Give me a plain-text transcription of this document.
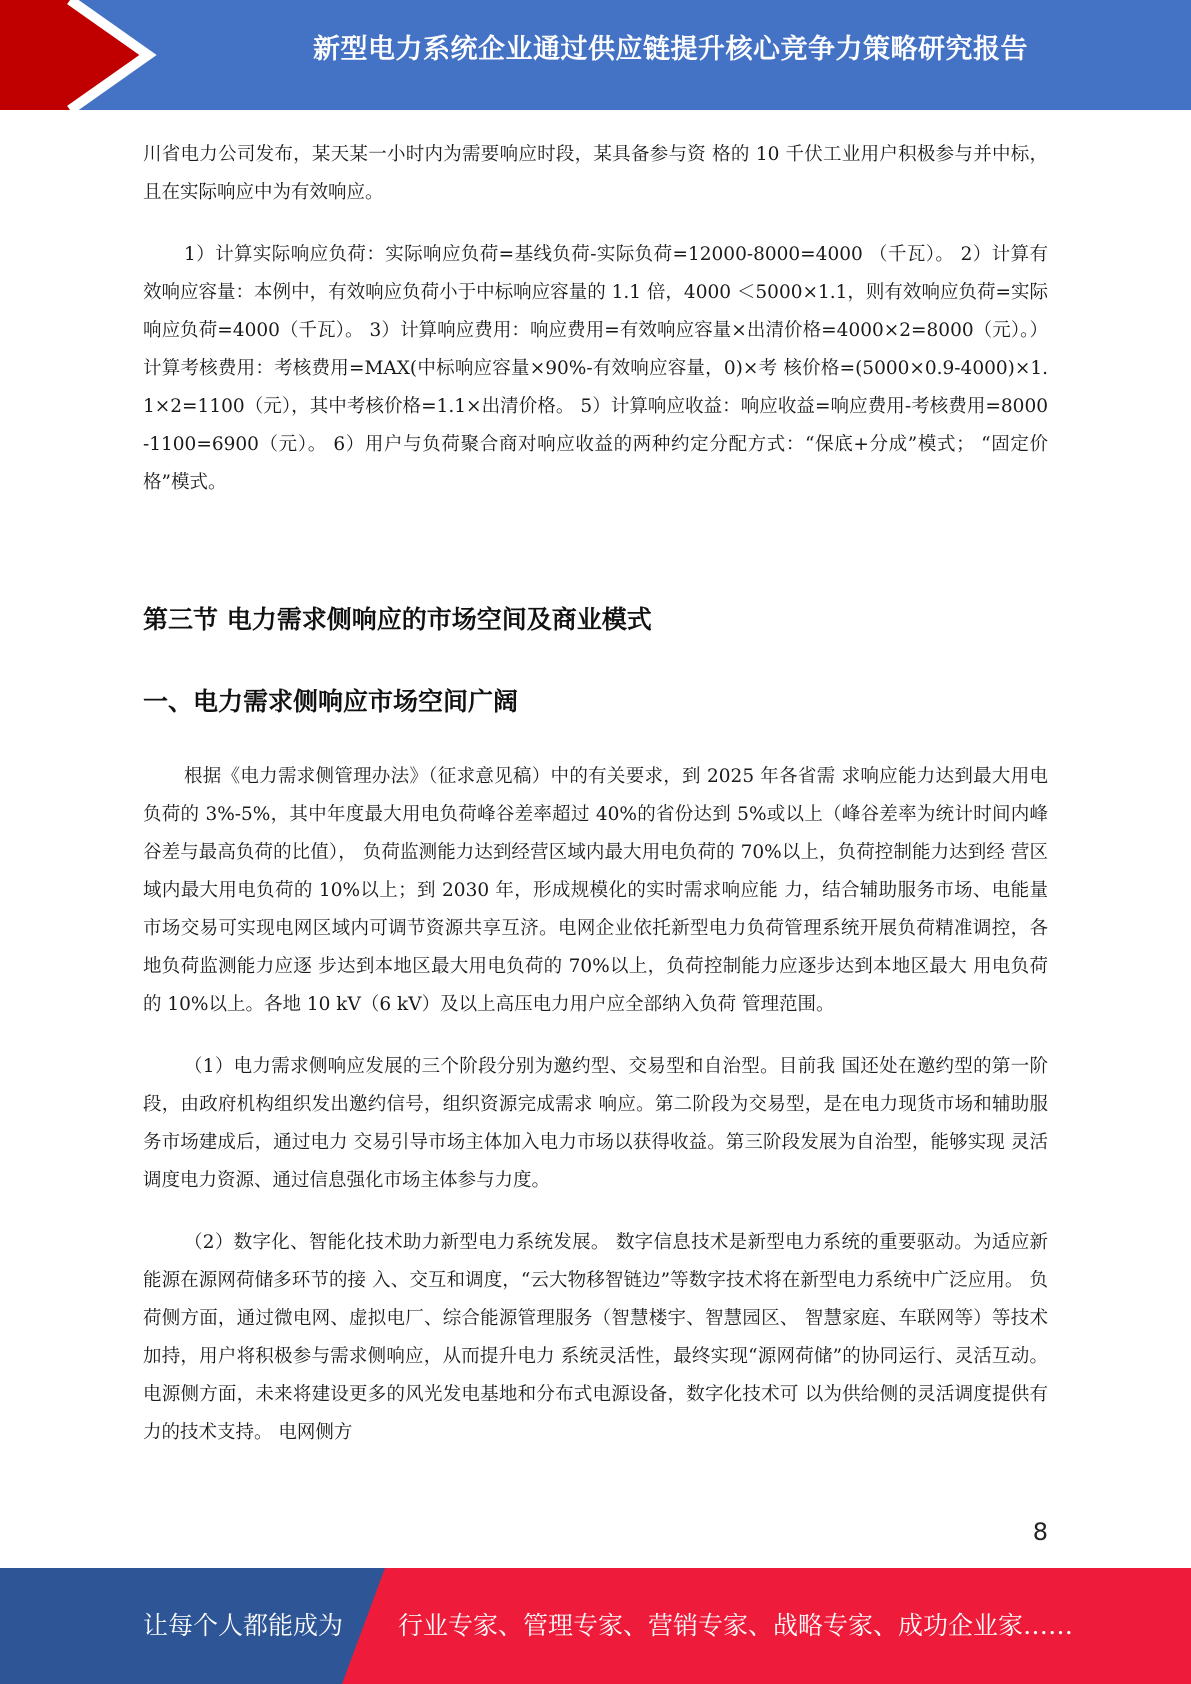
新型电力系统企业通过供应链提升核心竞争力策略研究报告

川省电力公司发布，某天某一小时内为需要响应时段，某具备参与资 格的 10 千伏工业用户积极参与并中标，且在实际响应中为有效响应。

1）计算实际响应负荷：实际响应负荷=基线负荷-实际负荷=12000-8000=4000 （千瓦）。 2）计算有效响应容量：本例中，有效响应负荷小于中标响应容量的 1.1 倍，4000 ＜5000×1.1，则有效响应负荷=实际响应负荷=4000（千瓦）。 3）计算响应费用：响应费用=有效响应容量×出清价格=4000×2=8000（元）。）计算考核费用：考核费用=MAX(中标响应容量×90%-有效响应容量，0)×考 核价格=(5000×0.9-4000)×1.1×2=1100（元），其中考核价格=1.1×出清价格。 5）计算响应收益：响应收益=响应费用-考核费用=8000-1100=6900（元）。 6）用户与负荷聚合商对响应收益的两种约定分配方式：“保底+分成”模式； “固定价格”模式。

第三节 电力需求侧响应的市场空间及商业模式
一、电力需求侧响应市场空间广阔

根据《电力需求侧管理办法》（征求意见稿）中的有关要求，到 2025 年各省需 求响应能力达到最大用电负荷的 3%-5%，其中年度最大用电负荷峰谷差率超过 40%的省份达到 5%或以上（峰谷差率为统计时间内峰谷差与最高负荷的比值）， 负荷监测能力达到经营区域内最大用电负荷的 70%以上，负荷控制能力达到经 营区域内最大用电负荷的 10%以上；到 2030 年，形成规模化的实时需求响应能 力，结合辅助服务市场、电能量市场交易可实现电网区域内可调节资源共享互济。电网企业依托新型电力负荷管理系统开展负荷精准调控，各地负荷监测能力应逐 步达到本地区最大用电负荷的 70%以上，负荷控制能力应逐步达到本地区最大 用电负荷的 10%以上。各地 10 kV（6 kV）及以上高压电力用户应全部纳入负荷 管理范围。

（1）电力需求侧响应发展的三个阶段分别为邀约型、交易型和自治型。目前我 国还处在邀约型的第一阶段，由政府机构组织发出邀约信号，组织资源完成需求 响应。第二阶段为交易型，是在电力现货市场和辅助服务市场建成后，通过电力 交易引导市场主体加入电力市场以获得收益。第三阶段发展为自治型，能够实现 灵活调度电力资源、通过信息强化市场主体参与力度。

（2）数字化、智能化技术助力新型电力系统发展。 数字信息技术是新型电力系统的重要驱动。为适应新能源在源网荷储多环节的接 入、交互和调度，“云大物移智链边”等数字技术将在新型电力系统中广泛应用。 负荷侧方面，通过微电网、虚拟电厂、综合能源管理服务（智慧楼宇、智慧园区、 智慧家庭、车联网等）等技术加持，用户将积极参与需求侧响应，从而提升电力 系统灵活性，最终实现“源网荷储”的协同运行、灵活互动。 电源侧方面，未来将建设更多的风光发电基地和分布式电源设备，数字化技术可 以为供给侧的灵活调度提供有力的技术支持。 电网侧方

8
让每个人都能成为 行业专家、管理专家、营销专家、战略专家、成功企业家……
